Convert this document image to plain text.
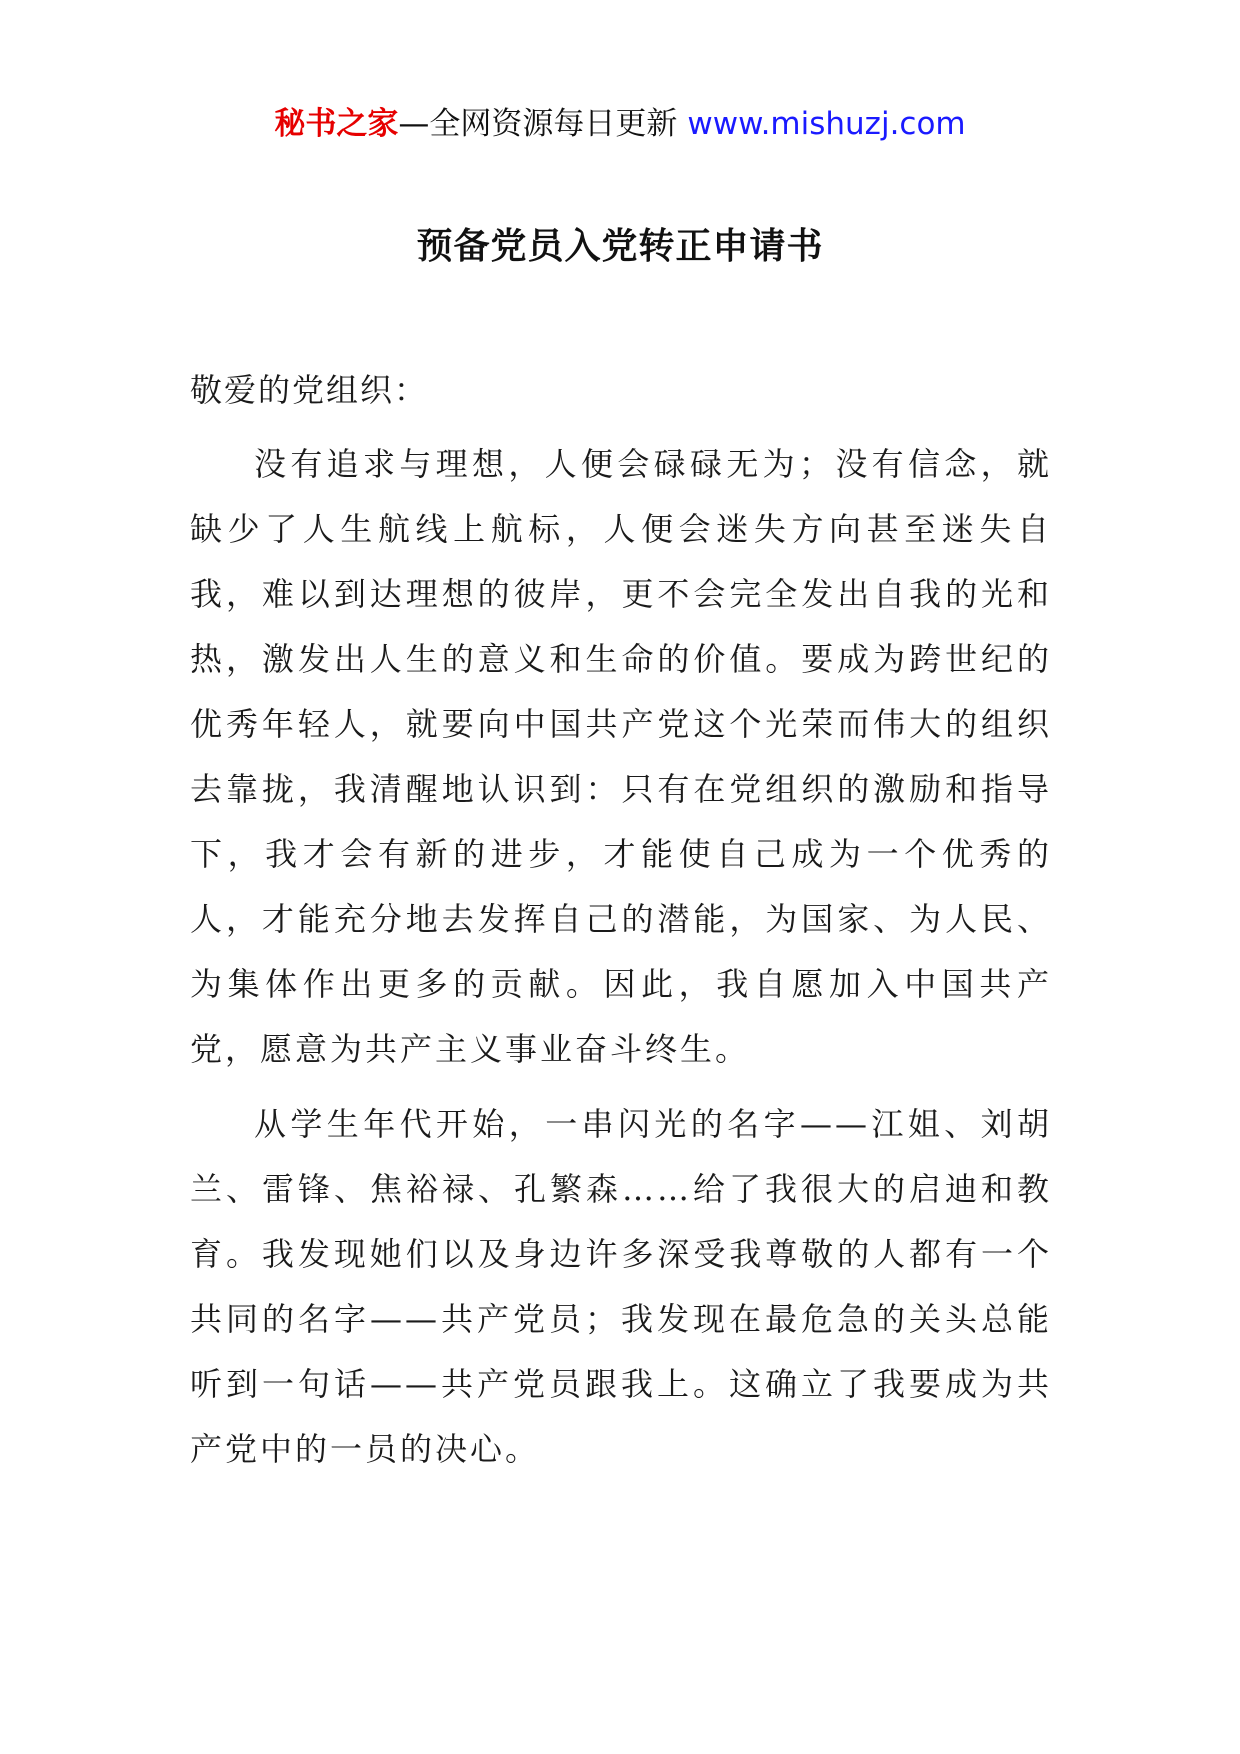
秘书之家—全网资源每日更新 www.mishuzj.com
预备党员入党转正申请书

敬爱的党组织：

没有追求与理想，人便会碌碌无为；没有信念，就缺少了人生航线上航标，人便会迷失方向甚至迷失自我，难以到达理想的彼岸，更不会完全发出自我的光和热，激发出人生的意义和生命的价值。要成为跨世纪的优秀年轻人，就要向中国共产党这个光荣而伟大的组织去靠拢，我清醒地认识到：只有在党组织的激励和指导下，我才会有新的进步，才能使自己成为一个优秀的人，才能充分地去发挥自己的潜能，为国家、为人民、为集体作出更多的贡献。因此，我自愿加入中国共产党，愿意为共产主义事业奋斗终生。

从学生年代开始，一串闪光的名字——江姐、刘胡兰、雷锋、焦裕禄、孔繁森……给了我很大的启迪和教育。我发现她们以及身边许多深受我尊敬的人都有一个共同的名字——共产党员；我发现在最危急的关头总能听到一句话——共产党员跟我上。这确立了我要成为共产党中的一员的决心。
